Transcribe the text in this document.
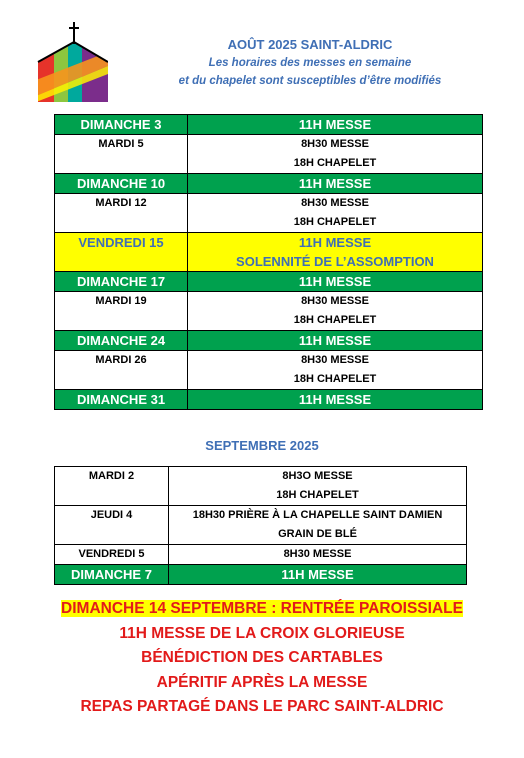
AOÛT 2025 SAINT-ALDRIC
Les horaires des messes en semaine
et du chapelet sont susceptibles d’être modifiés
DIMANCHE 3	11H MESSE

MARDI 5	8H30 MESSE
18H CHAPELET

DIMANCHE 10	11H MESSE

MARDI 12	8H30 MESSE
18H CHAPELET

VENDREDI 15	11H MESSE
SOLENNITÉ DE L’ASSOMPTION

DIMANCHE 17	11H MESSE

MARDI 19	8H30 MESSE
18H CHAPELET

DIMANCHE 24	11H MESSE

MARDI 26	8H30 MESSE
18H CHAPELET

DIMANCHE 31	11H MESSE
SEPTEMBRE 2025
MARDI 2	8H3O MESSE
18H CHAPELET

JEUDI 4	18H30 PRIÈRE À LA CHAPELLE SAINT DAMIEN
GRAIN DE BLÉ

VENDREDI 5	8H30 MESSE

DIMANCHE 7	11H MESSE
DIMANCHE 14 SEPTEMBRE : RENTRÉE PAROISSIALE
11H MESSE DE LA CROIX GLORIEUSE
BÉNÉDICTION DES CARTABLES
APÉRITIF APRÈS LA MESSE
REPAS PARTAGÉ DANS LE PARC SAINT-ALDRIC
